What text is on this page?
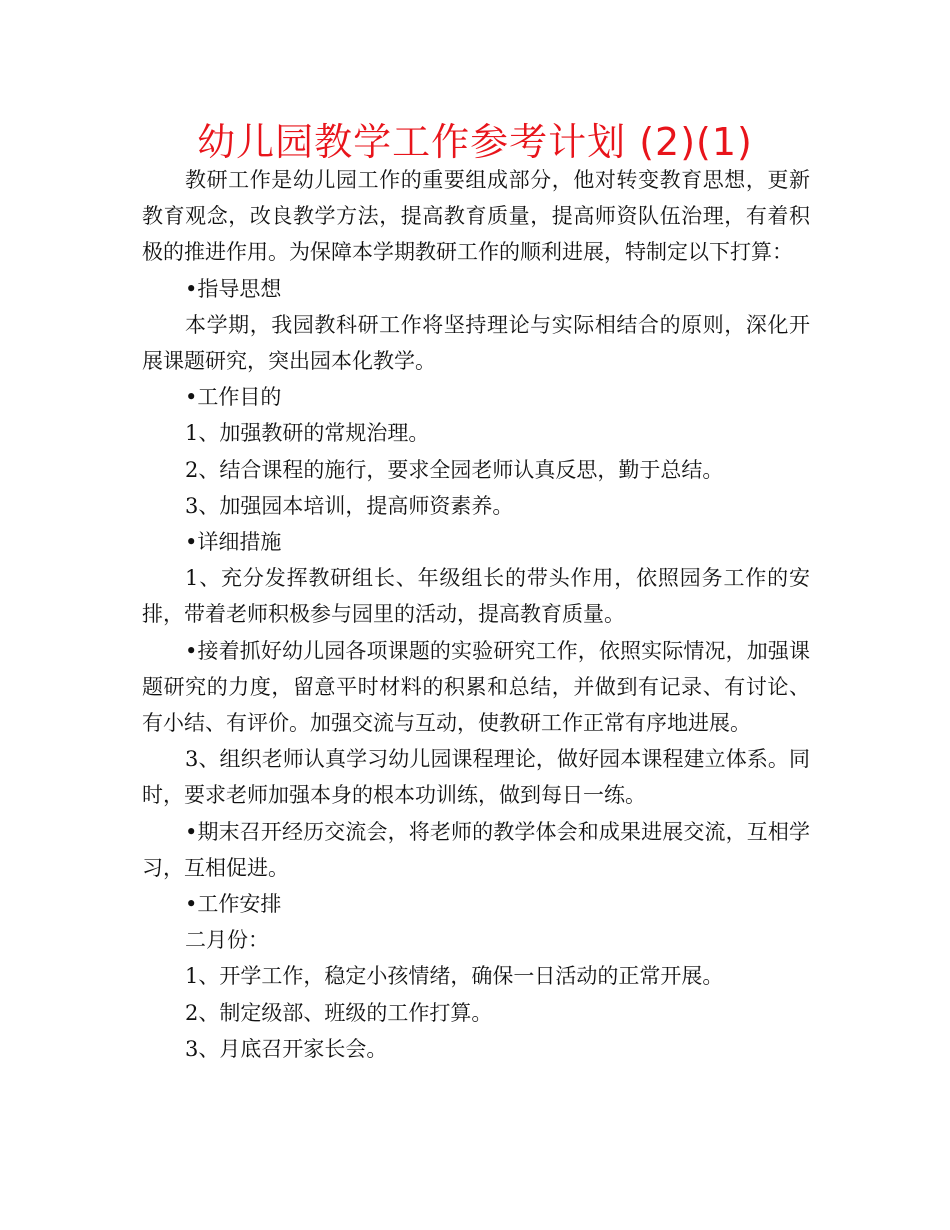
幼儿园教学工作参考计划 (2)(1)

教研工作是幼儿园工作的重要组成部分，他对转变教育思想，更新教育观念，改良教学方法，提高教育质量，提高师资队伍治理，有着积极的推进作用。为保障本学期教研工作的顺利进展，特制定以下打算：

•指导思想

本学期，我园教科研工作将坚持理论与实际相结合的原则，深化开展课题研究，突出园本化教学。

•工作目的

1、加强教研的常规治理。

2、结合课程的施行，要求全园老师认真反思，勤于总结。

3、加强园本培训，提高师资素养。

•详细措施

1、充分发挥教研组长、年级组长的带头作用，依照园务工作的安排，带着老师积极参与园里的活动，提高教育质量。

•接着抓好幼儿园各项课题的实验研究工作，依照实际情况，加强课题研究的力度，留意平时材料的积累和总结，并做到有记录、有讨论、有小结、有评价。加强交流与互动，使教研工作正常有序地进展。

3、组织老师认真学习幼儿园课程理论，做好园本课程建立体系。同时，要求老师加强本身的根本功训练，做到每日一练。

•期末召开经历交流会，将老师的教学体会和成果进展交流，互相学习，互相促进。

•工作安排

二月份：

1、开学工作，稳定小孩情绪，确保一日活动的正常开展。

2、制定级部、班级的工作打算。

3、月底召开家长会。
